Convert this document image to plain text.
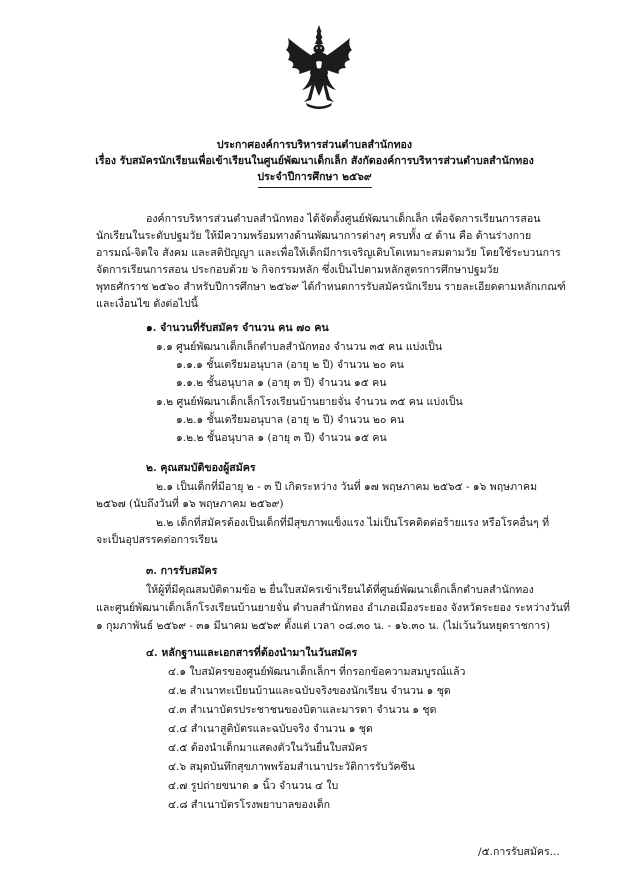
ประกาศองค์การบริหารส่วนตำบลสำนักทอง
เรื่อง รับสมัครนักเรียนเพื่อเข้าเรียนในศูนย์พัฒนาเด็กเล็ก สังกัดองค์การบริหารส่วนตำบลสำนักทอง
ประจำปีการศึกษา ๒๕๖๙
องค์การบริหารส่วนตำบลสำนักทอง ได้จัดตั้งศูนย์พัฒนาเด็กเล็ก เพื่อจัดการเรียนการสอน
นักเรียนในระดับปฐมวัย ให้มีความพร้อมทางด้านพัฒนาการต่างๆ ครบทั้ง ๔ ด้าน คือ ด้านร่างกาย
อารมณ์-จิตใจ สังคม และสติปัญญา และเพื่อให้เด็กมีการเจริญเติบโตเหมาะสมตามวัย โดยใช้ระบวนการ
จัดการเรียนการสอน ประกอบด้วย ๖ กิจกรรมหลัก ซึ่งเป็นไปตามหลักสูตรการศึกษาปฐมวัย
พุทธศักราช ๒๕๖๐ สำหรับปีการศึกษา ๒๕๖๙ ได้กำหนดการรับสมัครนักเรียน รายละเอียดตามหลักเกณฑ์
และเงื่อนไข ดังต่อไปนี้
๑. จำนวนที่รับสมัคร จำนวน คน ๗๐ คน
๑.๑ ศูนย์พัฒนาเด็กเล็กตำบลสำนักทอง จำนวน ๓๕ คน แบ่งเป็น
๑.๑.๑ ชั้นเตรียมอนุบาล (อายุ ๒ ปี) จำนวน ๒๐ คน
๑.๑.๒ ชั้นอนุบาล ๑ (อายุ ๓ ปี) จำนวน ๑๕ คน
๑.๒ ศูนย์พัฒนาเด็กเล็กโรงเรียนบ้านยายจั่น จำนวน ๓๕ คน แบ่งเป็น
๑.๒.๑ ชั้นเตรียมอนุบาล (อายุ ๒ ปี) จำนวน ๒๐ คน
๑.๒.๒ ชั้นอนุบาล ๑ (อายุ ๓ ปี) จำนวน ๑๕ คน
๒. คุณสมบัติของผู้สมัคร
๒.๑ เป็นเด็กที่มีอายุ ๒ - ๓ ปี เกิดระหว่าง วันที่ ๑๗ พฤษภาคม ๒๕๖๕ - ๑๖ พฤษภาคม
๒๕๖๗ (นับถึงวันที่ ๑๖ พฤษภาคม ๒๕๖๙)
๒.๒ เด็กที่สมัครต้องเป็นเด็กที่มีสุขภาพแข็งแรง ไม่เป็นโรคติดต่อร้ายแรง หรือโรคอื่นๆ ที่
จะเป็นอุปสรรคต่อการเรียน
๓. การรับสมัคร
ให้ผู้ที่มีคุณสมบัติตามข้อ ๒ ยื่นใบสมัครเข้าเรียนได้ที่ศูนย์พัฒนาเด็กเล็กตำบลสำนักทอง
และศูนย์พัฒนาเด็กเล็กโรงเรียนบ้านยายจั่น ตำบลสำนักทอง อำเภอเมืองระยอง จังหวัดระยอง ระหว่างวันที่
๑ กุมภาพันธ์ ๒๕๖๙ - ๓๑ มีนาคม ๒๕๖๙ ตั้งแต่ เวลา ๐๘.๓๐ น. - ๑๖.๓๐ น. (ไม่เว้นวันหยุดราชการ)
๔. หลักฐานและเอกสารที่ต้องนำมาในวันสมัคร
๔.๑ ใบสมัครของศูนย์พัฒนาเด็กเล็กฯ ที่กรอกข้อความสมบูรณ์แล้ว
๔.๒ สำเนาทะเบียนบ้านและฉบับจริงของนักเรียน จำนวน ๑ ชุด
๔.๓ สำเนาบัตรประชาชนของบิดาและมารดา จำนวน ๑ ชุด
๔.๔ สำเนาสูติบัตรและฉบับจริง จำนวน ๑ ชุด
๔.๕ ต้องนำเด็กมาแสดงตัวในวันยื่นใบสมัคร
๔.๖ สมุดบันทึกสุขภาพพร้อมสำเนาประวัติการรับวัคซีน
๔.๗ รูปถ่ายขนาด ๑ นิ้ว จำนวน ๔ ใบ
๔.๘ สำเนาบัตรโรงพยาบาลของเด็ก
/๕.การรับสมัคร...
